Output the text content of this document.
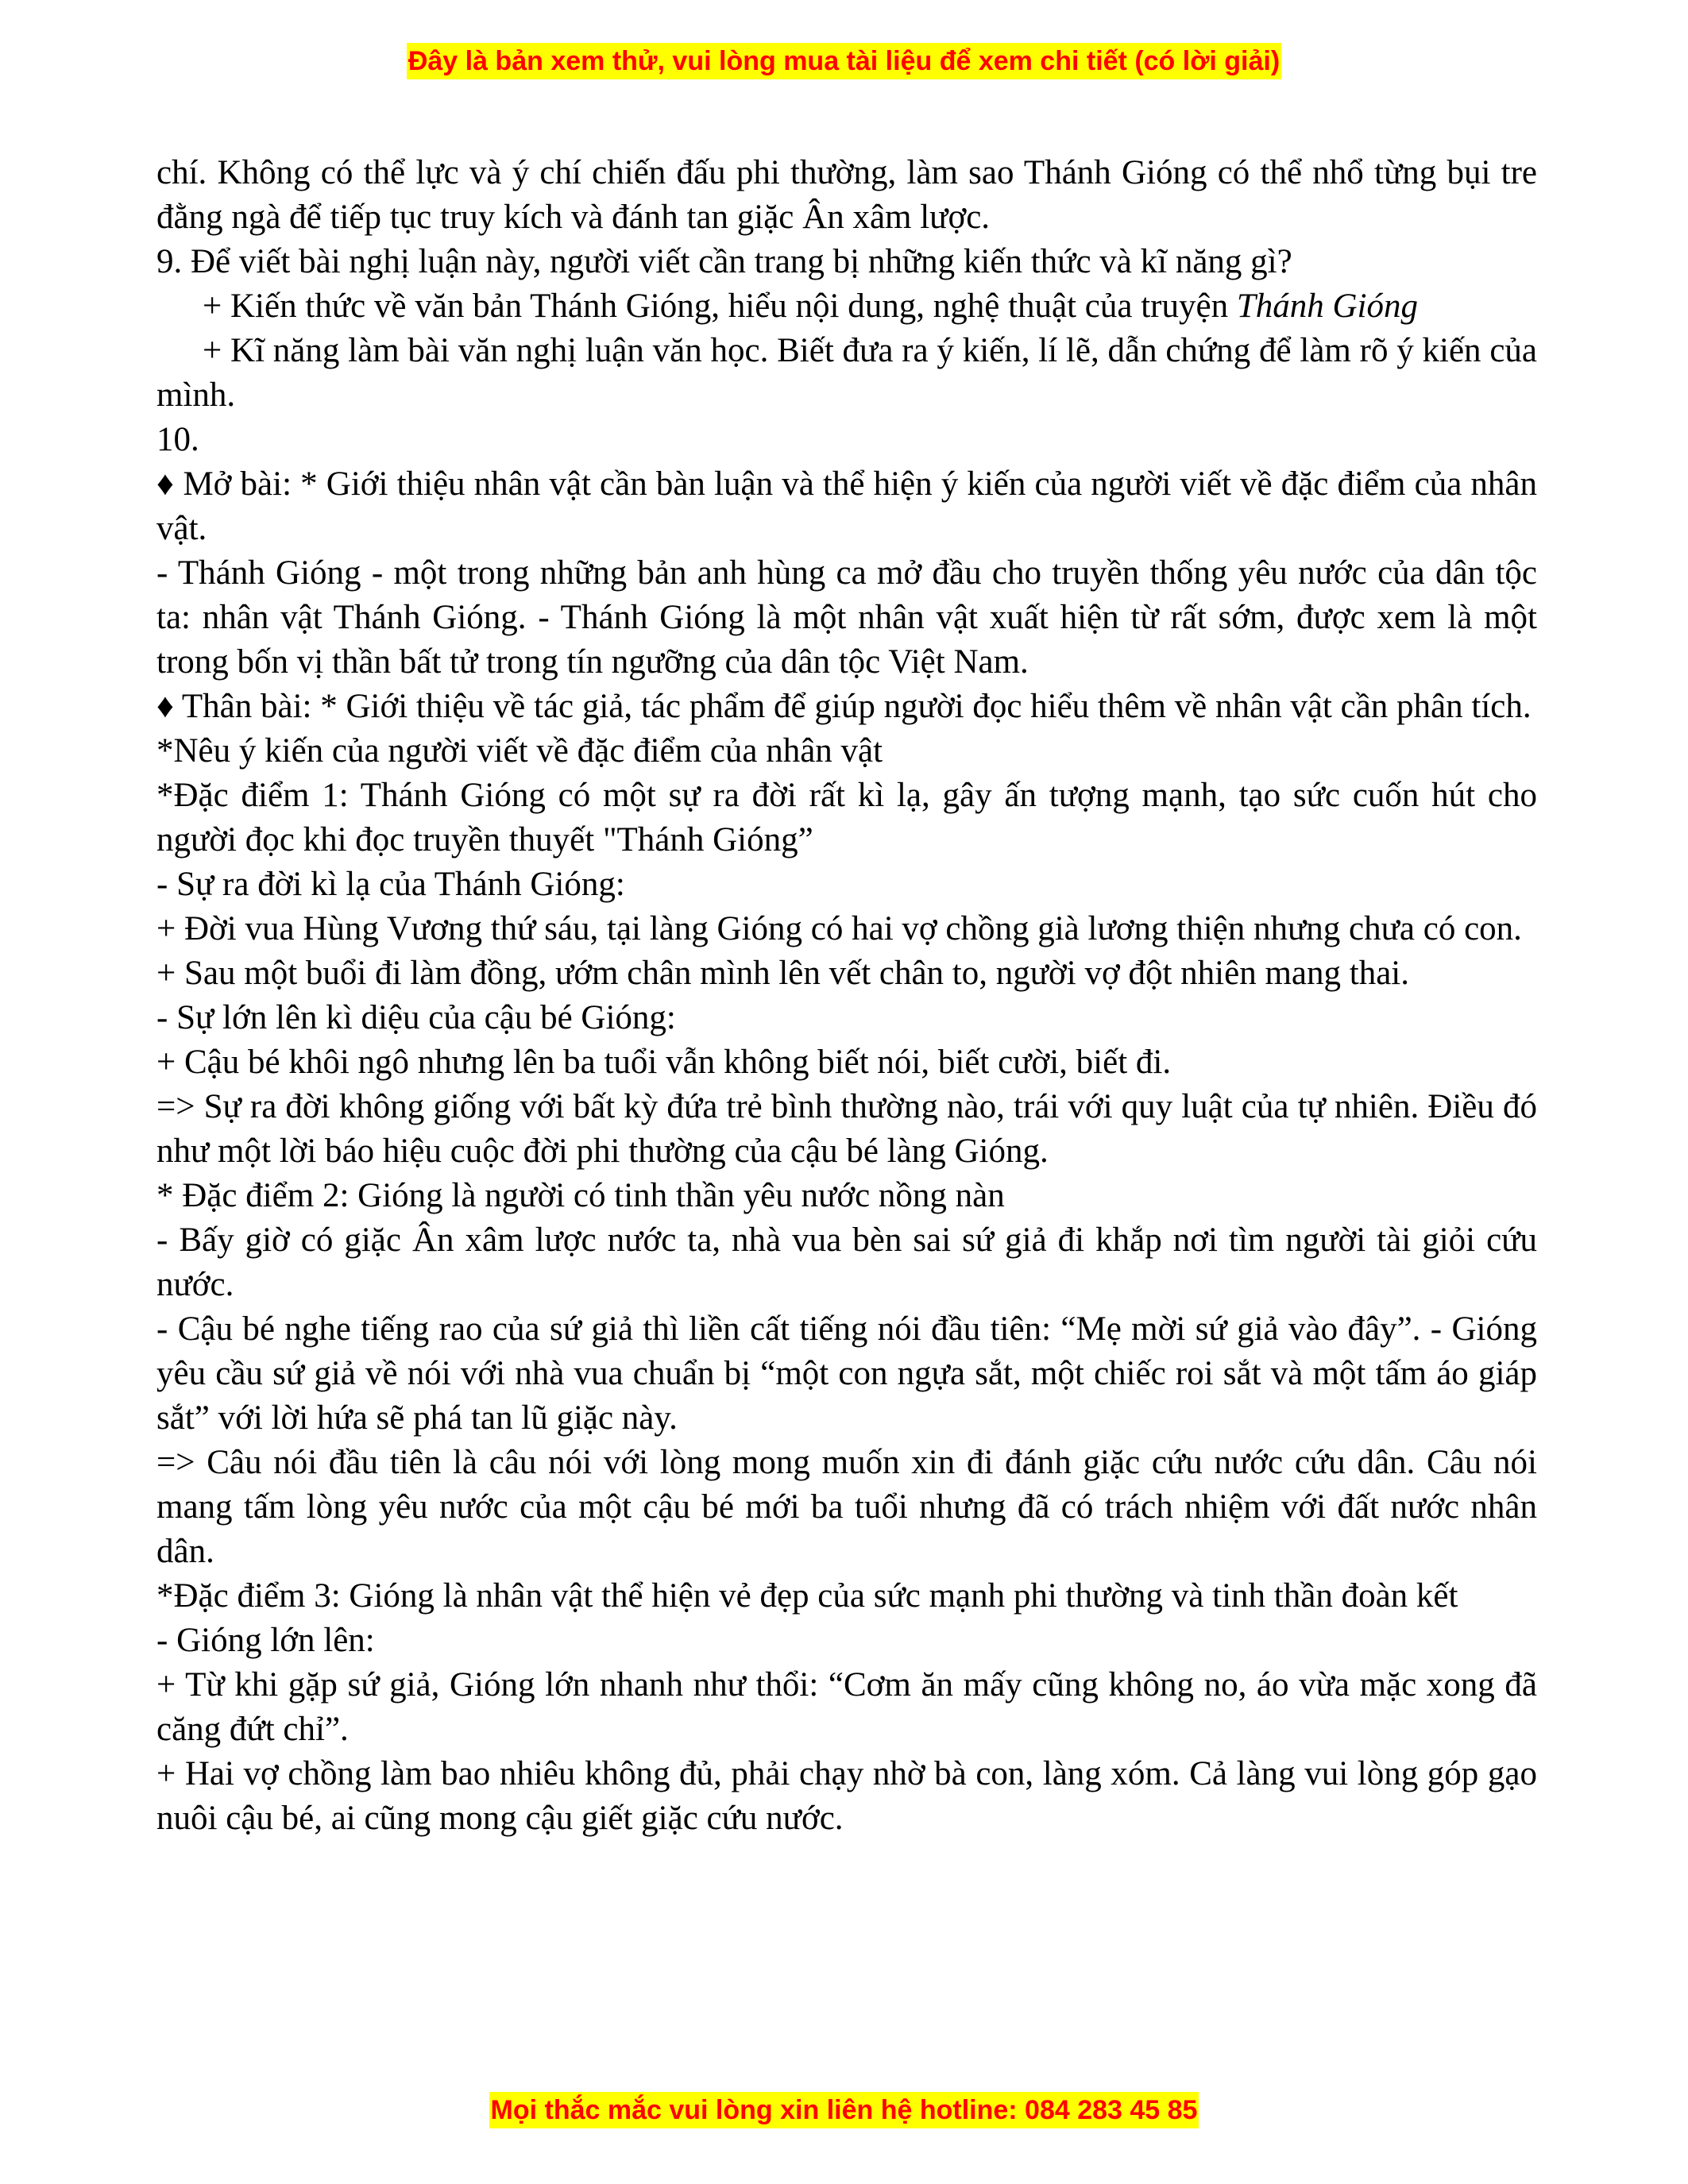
Đây là bản xem thử, vui lòng mua tài liệu để xem chi tiết (có lời giải)

chí. Không có thể lực và ý chí chiến đấu phi thường, làm sao Thánh Gióng có thể nhổ từng bụi tre đằng ngà để tiếp tục truy kích và đánh tan giặc Ân xâm lược.

9. Để viết bài nghị luận này, người viết cần trang bị những kiến thức và kĩ năng gì?

+ Kiến thức về văn bản Thánh Gióng, hiểu nội dung, nghệ thuật của truyện Thánh Gióng

+ Kĩ năng làm bài văn nghị luận văn học. Biết đưa ra ý kiến, lí lẽ, dẫn chứng để làm rõ ý kiến của mình.

10.

♦ Mở bài: * Giới thiệu nhân vật cần bàn luận và thể hiện ý kiến của người viết về đặc điểm của nhân vật.

- Thánh Gióng - một trong những bản anh hùng ca mở đầu cho truyền thống yêu nước của dân tộc ta: nhân vật Thánh Gióng. - Thánh Gióng là một nhân vật xuất hiện từ rất sớm, được xem là một trong bốn vị thần bất tử trong tín ngưỡng của dân tộc Việt Nam.

♦ Thân bài: * Giới thiệu về tác giả, tác phẩm để giúp người đọc hiểu thêm về nhân vật cần phân tích.

*Nêu ý kiến của người viết về đặc điểm của nhân vật

*Đặc điểm 1: Thánh Gióng có một sự ra đời rất kì lạ, gây ấn tượng mạnh, tạo sức cuốn hút cho người đọc khi đọc truyền thuyết "Thánh Gióng”

- Sự ra đời kì lạ của Thánh Gióng:

+ Đời vua Hùng Vương thứ sáu, tại làng Gióng có hai vợ chồng già lương thiện nhưng chưa có con.

+ Sau một buổi đi làm đồng, ướm chân mình lên vết chân to, người vợ đột nhiên mang thai.

- Sự lớn lên kì diệu của cậu bé Gióng:

+ Cậu bé khôi ngô nhưng lên ba tuổi vẫn không biết nói, biết cười, biết đi.

=> Sự ra đời không giống với bất kỳ đứa trẻ bình thường nào, trái với quy luật của tự nhiên. Điều đó như một lời báo hiệu cuộc đời phi thường của cậu bé làng Gióng.

* Đặc điểm 2: Gióng là người có tinh thần yêu nước nồng nàn

- Bấy giờ có giặc Ân xâm lược nước ta, nhà vua bèn sai sứ giả đi khắp nơi tìm người tài giỏi cứu nước.

- Cậu bé nghe tiếng rao của sứ giả thì liền cất tiếng nói đầu tiên: “Mẹ mời sứ giả vào đây”. - Gióng yêu cầu sứ giả về nói với nhà vua chuẩn bị “một con ngựa sắt, một chiếc roi sắt và một tấm áo giáp sắt” với lời hứa sẽ phá tan lũ giặc này.

=> Câu nói đầu tiên là câu nói với lòng mong muốn xin đi đánh giặc cứu nước cứu dân. Câu nói mang tấm lòng yêu nước của một cậu bé mới ba tuổi nhưng đã có trách nhiệm với đất nước nhân dân.

*Đặc điểm 3: Gióng là nhân vật thể hiện vẻ đẹp của sức mạnh phi thường và tinh thần đoàn kết

- Gióng lớn lên:

+ Từ khi gặp sứ giả, Gióng lớn nhanh như thổi: “Cơm ăn mấy cũng không no, áo vừa mặc xong đã căng đứt chỉ”.

+ Hai vợ chồng làm bao nhiêu không đủ, phải chạy nhờ bà con, làng xóm. Cả làng vui lòng góp gạo nuôi cậu bé, ai cũng mong cậu giết giặc cứu nước.

Mọi thắc mắc vui lòng xin liên hệ hotline: 084 283 45 85
